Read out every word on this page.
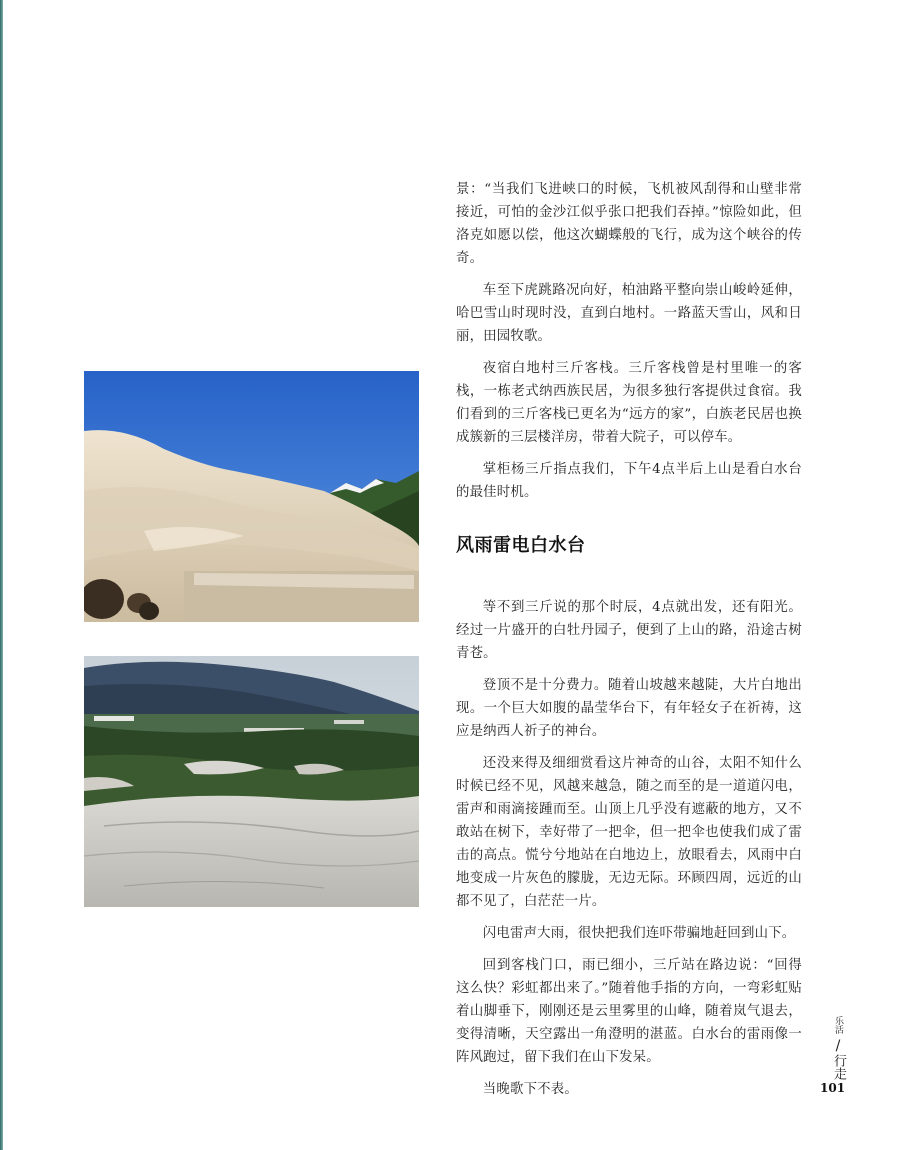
景：“当我们飞进峡口的时候，飞机被风刮得和山壁非常接近，可怕的金沙江似乎张口把我们吞掉。”惊险如此，但洛克如愿以偿，他这次蝴蝶般的飞行，成为这个峡谷的传奇。

车至下虎跳路况向好，柏油路平整向崇山峻岭延伸，哈巴雪山时现时没，直到白地村。一路蓝天雪山，风和日丽，田园牧歌。

夜宿白地村三斤客栈。三斤客栈曾是村里唯一的客栈，一栋老式纳西族民居，为很多独行客提供过食宿。我们看到的三斤客栈已更名为“远方的家”，白族老民居也换成簇新的三层楼洋房，带着大院子，可以停车。

掌柜杨三斤指点我们，下午4点半后上山是看白水台的最佳时机。

风雨雷电白水台

等不到三斤说的那个时辰，4点就出发，还有阳光。经过一片盛开的白牡丹园子，便到了上山的路，沿途古树青苍。

登顶不是十分费力。随着山坡越来越陡，大片白地出现。一个巨大如腹的晶莹华台下，有年轻女子在祈祷，这应是纳西人祈子的神台。

还没来得及细细赏看这片神奇的山谷，太阳不知什么时候已经不见，风越来越急，随之而至的是一道道闪电，雷声和雨滴接踵而至。山顶上几乎没有遮蔽的地方，又不敢站在树下，幸好带了一把伞，但一把伞也使我们成了雷击的高点。慌兮兮地站在白地边上，放眼看去，风雨中白地变成一片灰色的朦胧，无边无际。环顾四周，远近的山都不见了，白茫茫一片。

闪电雷声大雨，很快把我们连吓带骗地赶回到山下。

回到客栈门口，雨已细小，三斤站在路边说：“回得这么快？彩虹都出来了。”随着他手指的方向，一弯彩虹贴着山脚垂下，刚刚还是云里雾里的山峰，随着岚气退去，变得清晰，天空露出一角澄明的湛蓝。白水台的雷雨像一阵风跑过，留下我们在山下发呆。

当晚歌下不表。

乐活
/
行走
101
